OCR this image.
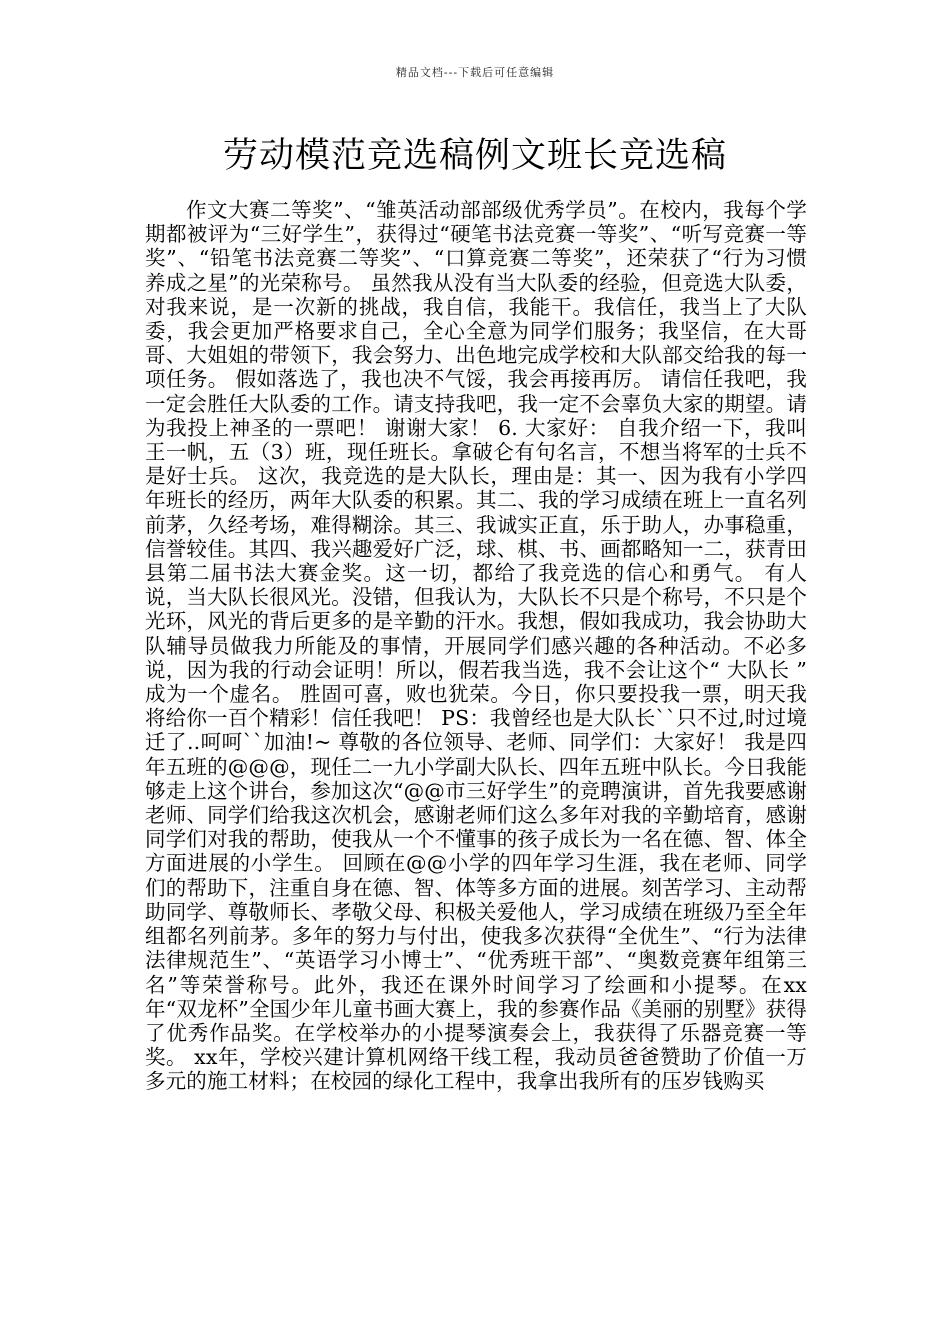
精品文档---下载后可任意编辑
劳动模范竞选稿例文班长竞选稿

作文大赛二等奖”、“雏英活动部部级优秀学员”。在校内，我每个学期都被评为“三好学生”，获得过“硬笔书法竞赛一等奖”、“听写竞赛一等奖”、“铅笔书法竞赛二等奖”、“口算竞赛二等奖”，还荣获了“行为习惯养成之星”的光荣称号。 虽然我从没有当大队委的经验，但竞选大队委，对我来说，是一次新的挑战，我自信，我能干。我信任，我当上了大队委，我会更加严格要求自己，全心全意为同学们服务；我坚信，在大哥哥、大姐姐的带领下，我会努力、出色地完成学校和大队部交给我的每一项任务。 假如落选了，我也决不气馁，我会再接再厉。 请信任我吧，我一定会胜任大队委的工作。请支持我吧，我一定不会辜负大家的期望。请为我投上神圣的一票吧！ 谢谢大家！ 6. 大家好： 自我介绍一下，我叫王一帆，五（3）班，现任班长。拿破仑有句名言，不想当将军的士兵不是好士兵。 这次，我竞选的是大队长，理由是：其一、因为我有小学四年班长的经历，两年大队委的积累。其二、我的学习成绩在班上一直名列前茅，久经考场，难得糊涂。其三、我诚实正直，乐于助人，办事稳重，信誉较佳。其四、我兴趣爱好广泛，球、棋、书、画都略知一二，获青田县第二届书法大赛金奖。这一切，都给了我竞选的信心和勇气。 有人说，当大队长很风光。没错，但我认为，大队长不只是个称号，不只是个光环，风光的背后更多的是辛勤的汗水。我想，假如我成功，我会协助大队辅导员做我力所能及的事情，开展同学们感兴趣的各种活动。不必多说，因为我的行动会证明！所以，假若我当选，我不会让这个“ 大队长 ” 成为一个虚名。 胜固可喜，败也犹荣。今日，你只要投我一票，明天我将给你一百个精彩！信任我吧！ PS：我曾经也是大队长``只不过,时过境迁了..呵呵``加油!~ 尊敬的各位领导、老师、同学们：大家好！ 我是四年五班的@@@，现任二一九小学副大队长、四年五班中队长。今日我能够走上这个讲台，参加这次“@@市三好学生”的竞聘演讲，首先我要感谢老师、同学们给我这次机会，感谢老师们这么多年对我的辛勤培育，感谢同学们对我的帮助，使我从一个不懂事的孩子成长为一名在德、智、体全方面进展的小学生。 回顾在@@小学的四年学习生涯，我在老师、同学们的帮助下，注重自身在德、智、体等多方面的进展。刻苦学习、主动帮助同学、尊敬师长、孝敬父母、积极关爱他人，学习成绩在班级乃至全年组都名列前茅。多年的努力与付出，使我多次获得“全优生”、“行为法律法律规范生”、“英语学习小博士”、“优秀班干部”、“奥数竞赛年组第三名”等荣誉称号。此外，我还在课外时间学习了绘画和小提琴。在xx年“双龙杯”全国少年儿童书画大赛上，我的参赛作品《美丽的别墅》获得了优秀作品奖。在学校举办的小提琴演奏会上，我获得了乐器竞赛一等奖。 xx年，学校兴建计算机网络干线工程，我动员爸爸赞助了价值一万多元的施工材料；在校园的绿化工程中，我拿出我所有的压岁钱购买
